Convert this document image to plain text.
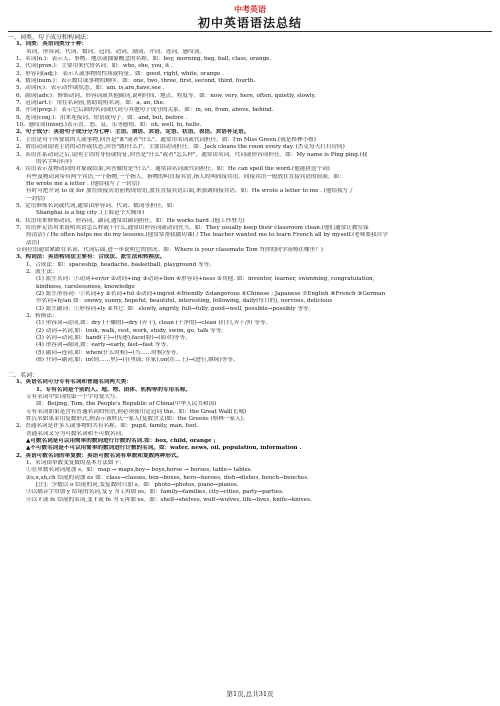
中考英语
初中英语语法总结
一、词类、句子成分和构词法：
1、词类：英语词类分十种：
名词、形容词、代词、数词、冠词、动词、副词、介词、连词、感叹词。
1、名词(n.)：表示人、事物、地点或抽象概念的名称。如：boy, morning, bag, ball, class, orange.
2、代词(pron.)：主要用来代替名词。如：who, she, you, it .
3、形容词(adj.)：表示人或事物的性质或特征。如：good, right, white, orange .
4、数词(num.)：表示数目或事物的顺序。如：one, two, three, first, second, third, fourth.
5、动词(v.)：表示动作或状态。如：am, is,are,have,see .
6、副词(adv.)：修饰动词、形容词或其他副词,说明时间、地点、程度等。如：now, very, here, often, quietly, slowly.
7、冠词(art.)：用在名词前,帮助说明名词。如：a, an, the.
8、介词(prep.)：表示它后面的名词或代词与其他句子成分的关系。如：in, on, from, above, behind.
9、连词(conj.)：用来连接词、短语或句子。如：and, but, before .
10、感叹词(interj.)表示喜、怒、哀、乐等感情。如：oh, well, hi, hello.
2、句子成分：英语句子成分分为七种：主语、谓语、宾语、定语、状语、表语、宾语补足语。
1、主语是句子所要说的人或事物,回答是"谁"或者"什么"。通常用名词或代词担任。如：I'm Miss Green.(我是格林小姐)
2、谓语动词说明主语的动作或状态,回答"做(什么)"。主要由动词担任。如：Jack cleans the room every day. (杰克每天打扫房间)
3、表语在系动词之后,说明主语的身份或特征,回答是"什么"或者"怎么样"。通常由名词、代词或形容词担任。如：My name is Ping ping.(我
的名字叫萍萍)
4、宾语表示及物动词的对象或结果,回答做的是"什么"。通常由名词或代词担任。如：He can spell the word.(他能拼这个词)
有些及物动词带有两个宾语,一个指物,一个指人。指物的叫直接宾语,指人的叫间接宾语。间接宾语一般放在直接宾语的前面。如：
He wrote me a letter . (他给我写了一封信)
有时可把介词 to 或 for 加在间接宾语前构成短语,放在直接宾语后面,来强调间接宾语。如：He wrote a letter to me . (他给我写了
一封信)
5、定语修饰名词或代词,通常由形容词、代词、数词等担任。如：
Shanghai is a big city .(上海是个大城市)
6、状语用来修饰动词、形容词、副词,通常由副词担任。如：He works hard .(他工作努力)
7、宾语补足语用来说明宾语怎么样或干什么,通常由形容词或动词充当。如：They usually keep their classroom clean.(他们通常让教室保
持清洁) / He often helps me do my lessons.(他常常帮我做功课) / The teacher wanted me to learn French all by myself.(老师要我自学
法语)
☆同位语通常紧跟在名词、代词后面,进一步说明它的情况。如：Where is your classmate Tom ?(你的同学汤姆在哪里？)
3、构词法：英语构词法主要有：合成法、派生法和转换法。
1、合成法：如：spaceship, headache, basketball, playground 等等。
2、派生法：
(1) 派生名词：①动词+er/or ②动词+ing ③动词+tion ④形容词+ness ⑤其他. 如：inventor, learner, swimming, congratulation,
kindness, carelessness, knowledge
(2) 派生形容词：①名词+y ②名词+ful ③动词+ing/ed ④friendly ⑤dangerous ⑥Chinese ; Japanese ⑦English ⑧French ⑨German
⑩名词+ly/an 如：snowy, sunny, hopeful, beautiful, interesting, following, daily(每日的), nervous, delicious
(3) 派生副词：①形容词+ly ②其它. 如：slowly, angrily, full→fully, good→well, possible→possibly 等等。
3、转换法：
(1) 形容词→动词,如：dry (干燥的)→dry (弄干), clean (干净的)→clean (打扫,弄干净) 等等。
(2) 动词→名词,如：look, walk, rest, work, study, swim, go, talk 等等。
(3) 名词→动词,如：hand(手)→(传递),face(脸)→(面对)等等。
(4) 形容词→副词,如：early→early, fast→fast 等等。
(5) 副词→连词,如：when(什么时候)→(当……时候)等等。
(6) 介词→副词,如：in(到……里)→(在里面; 在家),on(在…上)→(进行,继续)等等。
二、名词：
1、英语名词可分专有名词和普通名词两大类：
1、专有名词是个别的人、地、物、团体、机构等的专用名称。
专有名词中实词的第一个字母要大写。
如：Beijing, Tom, the People's Republic of China(中华人民共和国)
专有名词如果是含有普通名词的短语,则必须使用定冠词 the。如：the Great Wall(长城)
姓氏名如果采用复数形式,则表示该姓氏一家人(复数含义)如：the Greens (格林一家人)。
2、普通名词是许多人或事物的共有名称。如：pupil, family, man, foot.
普通名词又分为可数名词和不可数名词。
▲可数名词是可以用简单的数词进行计数的名词.如：box, child, orange ;
▲不可数名词是不可以用简单的数词进行计数的名词。如：water, news, oil, population, information .
2、英语可数名词的单复数：英语可数名词有单数和复数两种形式。
1、名词由单数变复数的基本方法如下：
①在单数名词词尾加 s。如：map → maps,boy→ boys,horse → horses, table→ tables.
②s,x,sh,ch 结尾的词加 es 如：class→classes, box→boxes, hero→heroes, dish→dishes, bench→benches.
[注]：少数以 o 结尾的词,变复数时只加 s。如：photo→photos, piano→pianos.
③以辅音字母加 y 结尾的名词,变 y 为 i,再加 es。如：family→families, city→cities, party→parties.
④以 f 或 fe 结尾的名词,变 f 或 fe 为 v,再加 es。如：shelf→shelves, wolf→wolves, life→lives, knife→knives.
第1页,总共31页
